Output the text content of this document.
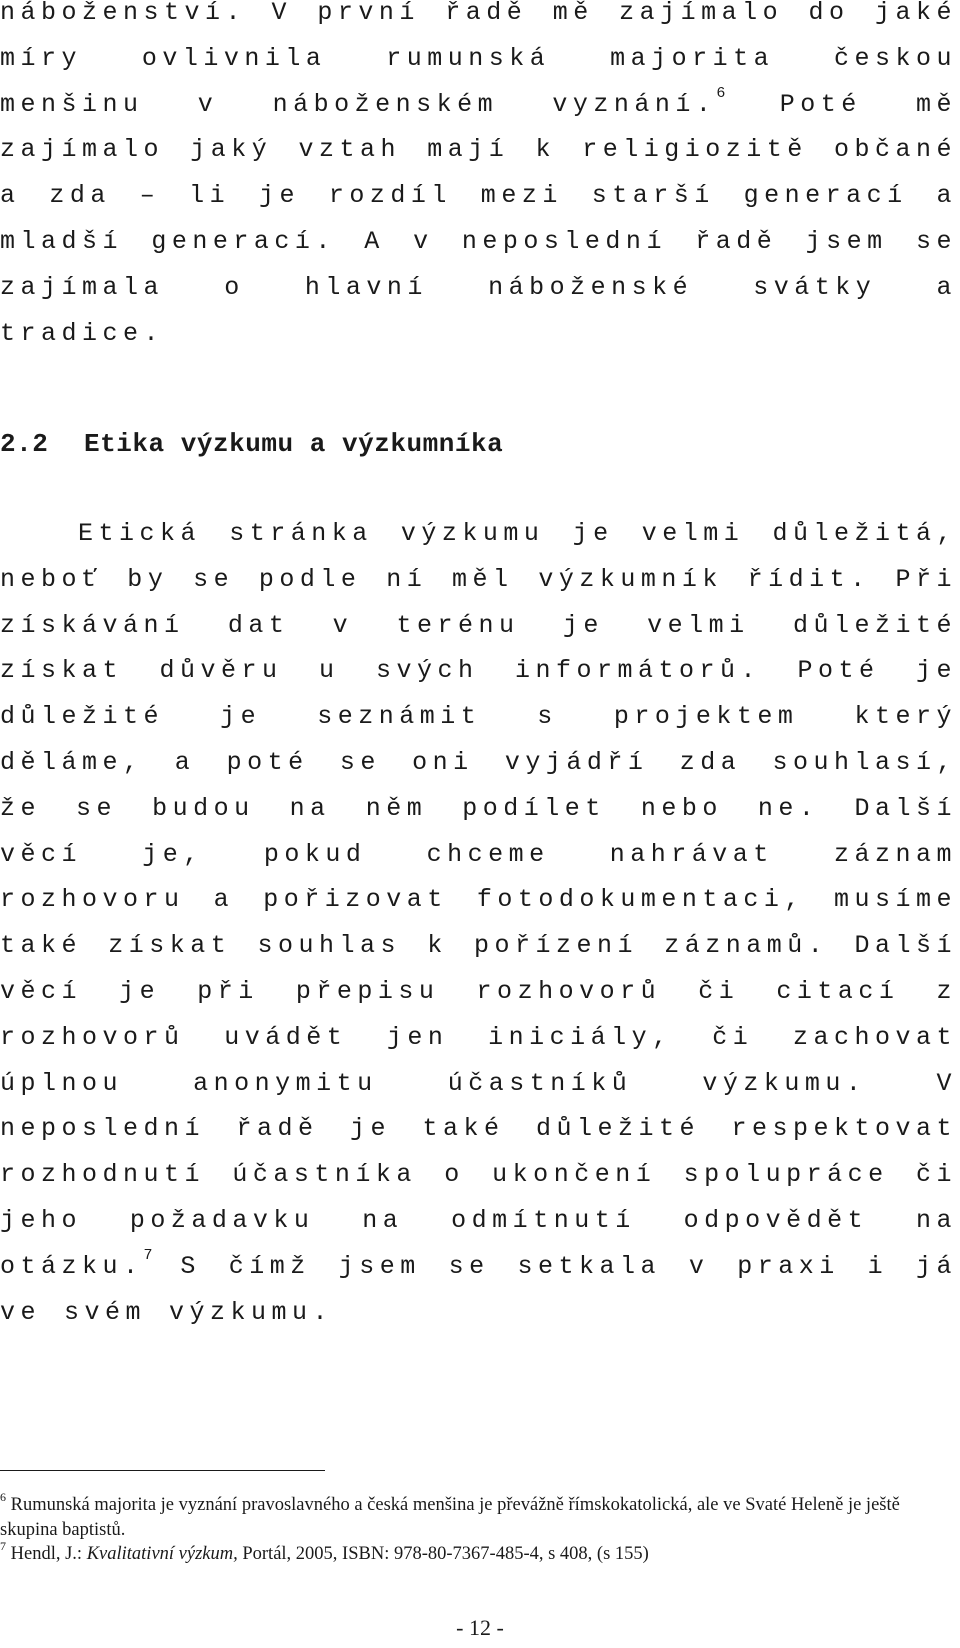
náboženství. V první řadě mě zajímalo do jaké míry ovlivnila rumunská majorita českou menšinu v náboženském vyznání.$^6$ Poté mě zajímalo jaký vztah mají k religiozitě občané a zda – li je rozdíl mezi starší generací a mladší generací. A v neposlední řadě jsem se zajímala o hlavní náboženské svátky a tradice.
2.2 Etika výzkumu a výzkumníka
Etická stránka výzkumu je velmi důležitá, neboť by se podle ní měl výzkumník řídit. Při získávání dat v terénu je velmi důležité získat důvěru u svých informátorů. Poté je důležité je seznámit s projektem který děláme, a poté se oni vyjádří zda souhlasí, že se budou na něm podílet nebo ne. Další věcí je, pokud chceme nahrávat záznam rozhovoru a pořizovat fotodokumentaci, musíme také získat souhlas k pořízení záznamů. Další věcí je při přepisu rozhovorů či citací z rozhovorů uvádět jen iniciály, či zachovat úplnou anonymitu účastníků výzkumu. V neposlední řadě je také důležité respektovat rozhodnutí účastníka o ukončení spolupráce či jeho požadavku na odmítnutí odpovědět na otázku.$^7$ S čímž jsem se setkala v praxi i já ve svém výzkumu.

$^6$ Rumunská majorita je vyznání pravoslavného a česká menšina je převážně římskokatolická, ale ve Svaté Heleně je ještě skupina baptistů.

$^7$ Hendl, J.: Kvalitativní výzkum, Portál, 2005, ISBN: 978-80-7367-485-4, s 408, (s 155)

- 12 -
